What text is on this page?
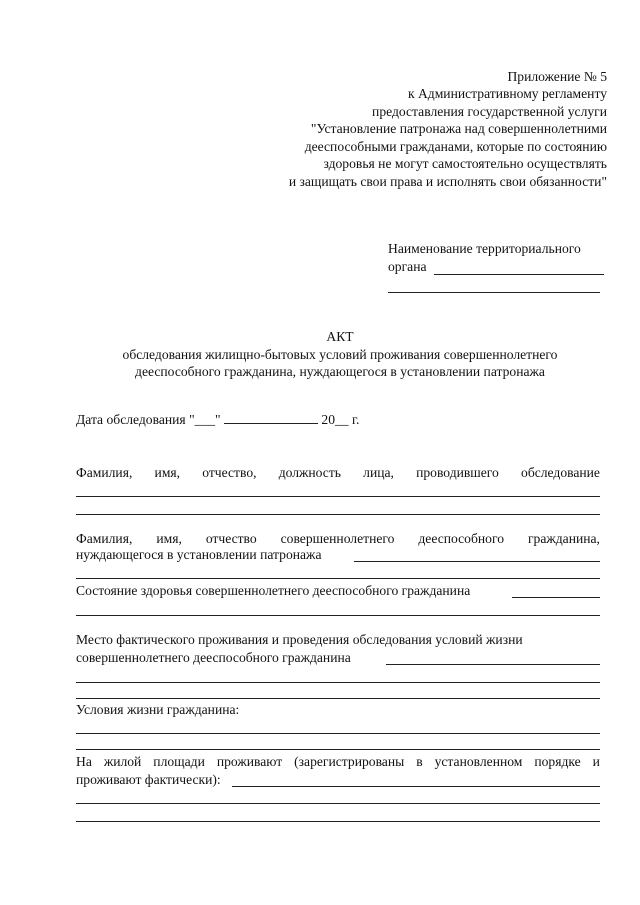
Приложение № 5
к Административному регламенту
предоставления государственной услуги
"Установление патронажа над совершеннолетними
дееспособными гражданами, которые по состоянию
здоровья не могут самостоятельно осуществлять
и защищать свои права и исполнять свои обязанности"
Наименование территориального
органа
АКТ
обследования жилищно-бытовых условий проживания совершеннолетнего
дееспособного гражданина, нуждающегося в установлении патронажа
Дата обследования "___"	20__ г.
Фамилия, имя, отчество, должность лица, проводившего обследование
Фамилия, имя, отчество совершеннолетнего дееспособного гражданина,
нуждающегося в установлении патронажа
Состояние здоровья совершеннолетнего дееспособного гражданина
Место фактического проживания и проведения обследования условий жизни
совершеннолетнего дееспособного гражданина
Условия жизни гражданина:
На жилой площади проживают (зарегистрированы в установленном порядке и
проживают фактически):
